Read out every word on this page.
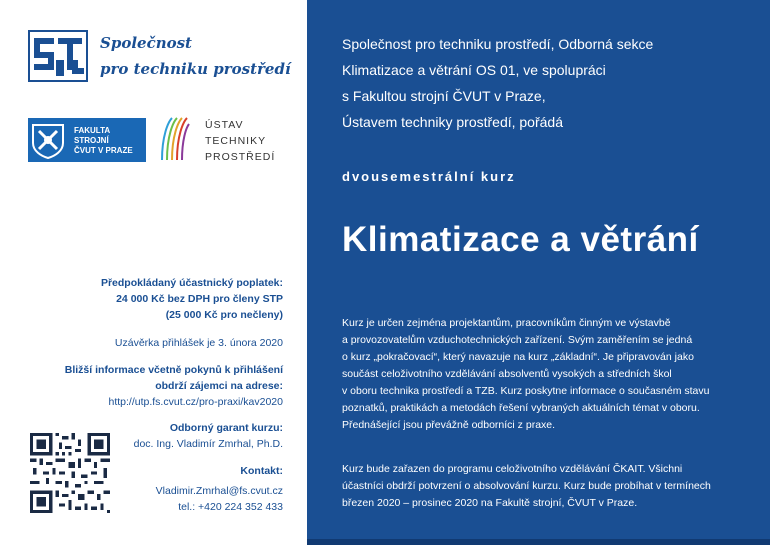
Společnost
pro techniku prostředí
FAKULTA
STROJNÍ
ČVUT V PRAZE
ÚSTAV
TECHNIKY
PROSTŘEDÍ
Předpokládaný účastnický poplatek:
24 000 Kč bez DPH pro členy STP
(25 000 Kč pro nečleny)
Uzávěrka přihlášek je 3. února 2020
Bližší informace včetně pokynů k přihlášení
obdrží zájemci na adrese:
http://utp.fs.cvut.cz/pro-praxi/kav2020
Odborný garant kurzu:
doc. Ing. Vladimír Zmrhal, Ph.D.
Kontakt:
Vladimir.Zmrhal@fs.cvut.cz
tel.: +420 224 352 433
Společnost pro techniku prostředí, Odborná sekce
Klimatizace a větrání OS 01, ve spolupráci
s Fakultou strojní ČVUT v Praze,
Ústavem techniky prostředí, pořádá
dvousemestrální kurz
Klimatizace a větrání
Kurz je určen zejména projektantům, pracovníkům činným ve výstavbě
a provozovatelům vzduchotechnických zařízení. Svým zaměřením se jedná
o kurz „pokračovací“, který navazuje na kurz „základní“. Je připravován jako
součást celoživotního vzdělávání absolventů vysokých a středních škol
v oboru technika prostředí a TZB. Kurz poskytne informace o současném stavu
poznatků, praktikách a metodách řešení vybraných aktuálních témat v oboru.
Přednášející jsou převážně odborníci z praxe.
Kurz bude zařazen do programu celoživotního vzdělávání ČKAIT. Všichni
účastníci obdrží potvrzení o absolvování kurzu. Kurz bude probíhat v termínech
březen 2020 – prosinec 2020 na Fakultě strojní, ČVUT v Praze.
